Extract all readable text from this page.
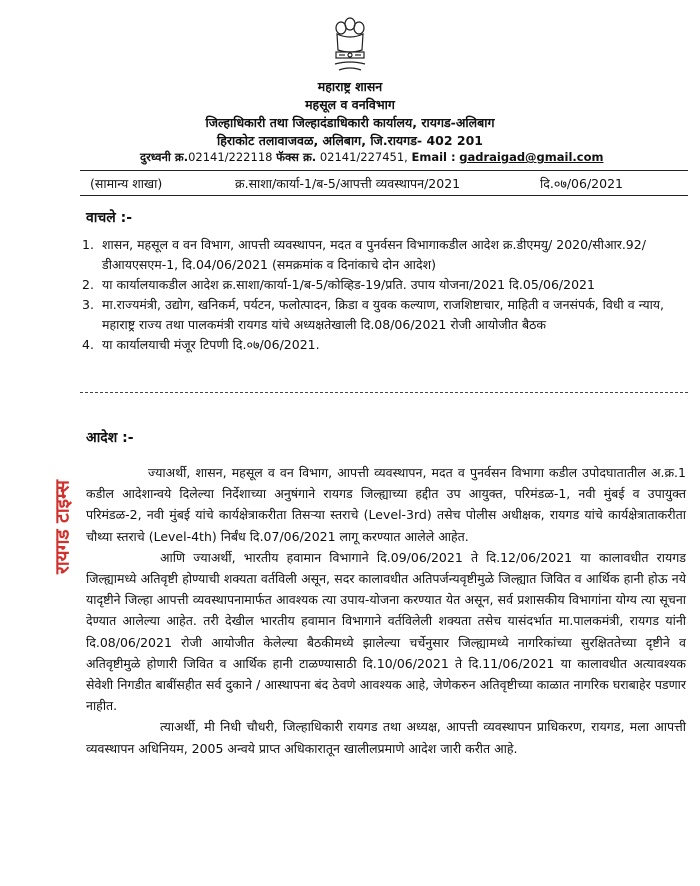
महाराष्ट्र शासन
महसूल व वनविभाग
जिल्हाधिकारी तथा जिल्हादंडाधिकारी कार्यालय, रायगड-अलिबाग
हिराकोट तलावाजवळ, अलिबाग, जि.रायगड- 402 201
दुरध्वनी क्र.02141/222118 फॅक्स क्र. 02141/227451, Email : gadraigad@gmail.com
(सामान्य शाखा)	क्र.साशा/कार्या-1/ब-5/आपत्ती व्यवस्थापन/2021	दि.०७/06/2021
वाचले :-
1. शासन, महसूल व वन विभाग, आपत्ती व्यवस्थापन, मदत व पुनर्वसन विभागाकडील आदेश क्र.डीएमयु/ 2020/सीआर.92/डीआयएसएम-1, दि.04/06/2021 (समक्रमांक व दिनांकाचे दोन आदेश)
2. या कार्यालयाकडील आदेश क्र.साशा/कार्या-1/ब-5/कोव्हिड-19/प्रति. उपाय योजना/2021 दि.05/06/2021
3. मा.राज्यमंत्री, उद्योग, खनिकर्म, पर्यटन, फलोत्पादन, क्रिडा व युवक कल्याण, राजशिष्टाचार, माहिती व जनसंपर्क, विधी व न्याय, महाराष्ट्र राज्य तथा पालकमंत्री रायगड यांचे अध्यक्षतेखाली दि.08/06/2021 रोजी आयोजीत बैठक
4. या कार्यालयाची मंजूर टिपणी दि.०७/06/2021.
आदेश :-
रायगड टाइम्स

ज्याअर्थी, शासन, महसूल व वन विभाग, आपत्ती व्यवस्थापन, मदत व पुनर्वसन विभागा कडील उपोदघातातील अ.क्र.1 कडील आदेशान्वये दिलेल्या निर्देशाच्या अनुषंगाने रायगड जिल्ह्याच्या हद्दीत उप आयुक्त, परिमंडळ-1, नवी मुंबई व उपायुक्त परिमंडळ-2, नवी मुंबई यांचे कार्यक्षेत्राकरीता तिसऱ्या स्तराचे (Level-3rd) तसेच पोलीस अधीक्षक, रायगड यांचे कार्यक्षेत्राताकरीता चौथ्या स्तराचे (Level-4th) निर्बंध दि.07/06/2021 लागू करण्यात आलेले आहेत.

आणि ज्याअर्थी, भारतीय हवामान विभागाने दि.09/06/2021 ते दि.12/06/2021 या कालावधीत रायगड जिल्ह्यामध्ये अतिवृष्टी होण्याची शक्यता वर्तविली असून, सदर कालावधीत अतिपर्जन्यवृष्टीमुळे जिल्ह्यात जिवित व आर्थिक हानी होऊ नये यादृष्टीने जिल्हा आपत्ती व्यवस्थापनामार्फत आवश्यक त्या उपाय-योजना करण्यात येत असून, सर्व प्रशासकीय विभागांना योग्य त्या सूचना देण्यात आलेल्या आहेत. तरी देखील भारतीय हवामान विभागाने वर्तविलेली शक्यता तसेच यासंदर्भात मा.पालकमंत्री, रायगड यांनी दि.08/06/2021 रोजी आयोजीत केलेल्या बैठकीमध्ये झालेल्या चर्चेनुसार जिल्ह्यामध्ये नागरिकांच्या सुरक्षिततेच्या दृष्टीने व अतिवृष्टीमुळे होणारी जिवित व आर्थिक हानी टाळण्यासाठी दि.10/06/2021 ते दि.11/06/2021 या कालावधीत अत्यावश्यक सेवेशी निगडीत बाबींसहीत सर्व दुकाने / आस्थापना बंद ठेवणे आवश्यक आहे, जेणेकरुन अतिवृष्टीच्या काळात नागरिक घराबाहेर पडणार नाहीत.

त्याअर्थी, मी निधी चौधरी, जिल्हाधिकारी रायगड तथा अध्यक्ष, आपत्ती व्यवस्थापन प्राधिकरण, रायगड, मला आपत्ती व्यवस्थापन अधिनियम, 2005 अन्वये प्राप्त अधिकारातून खालीलप्रमाणे आदेश जारी करीत आहे.
